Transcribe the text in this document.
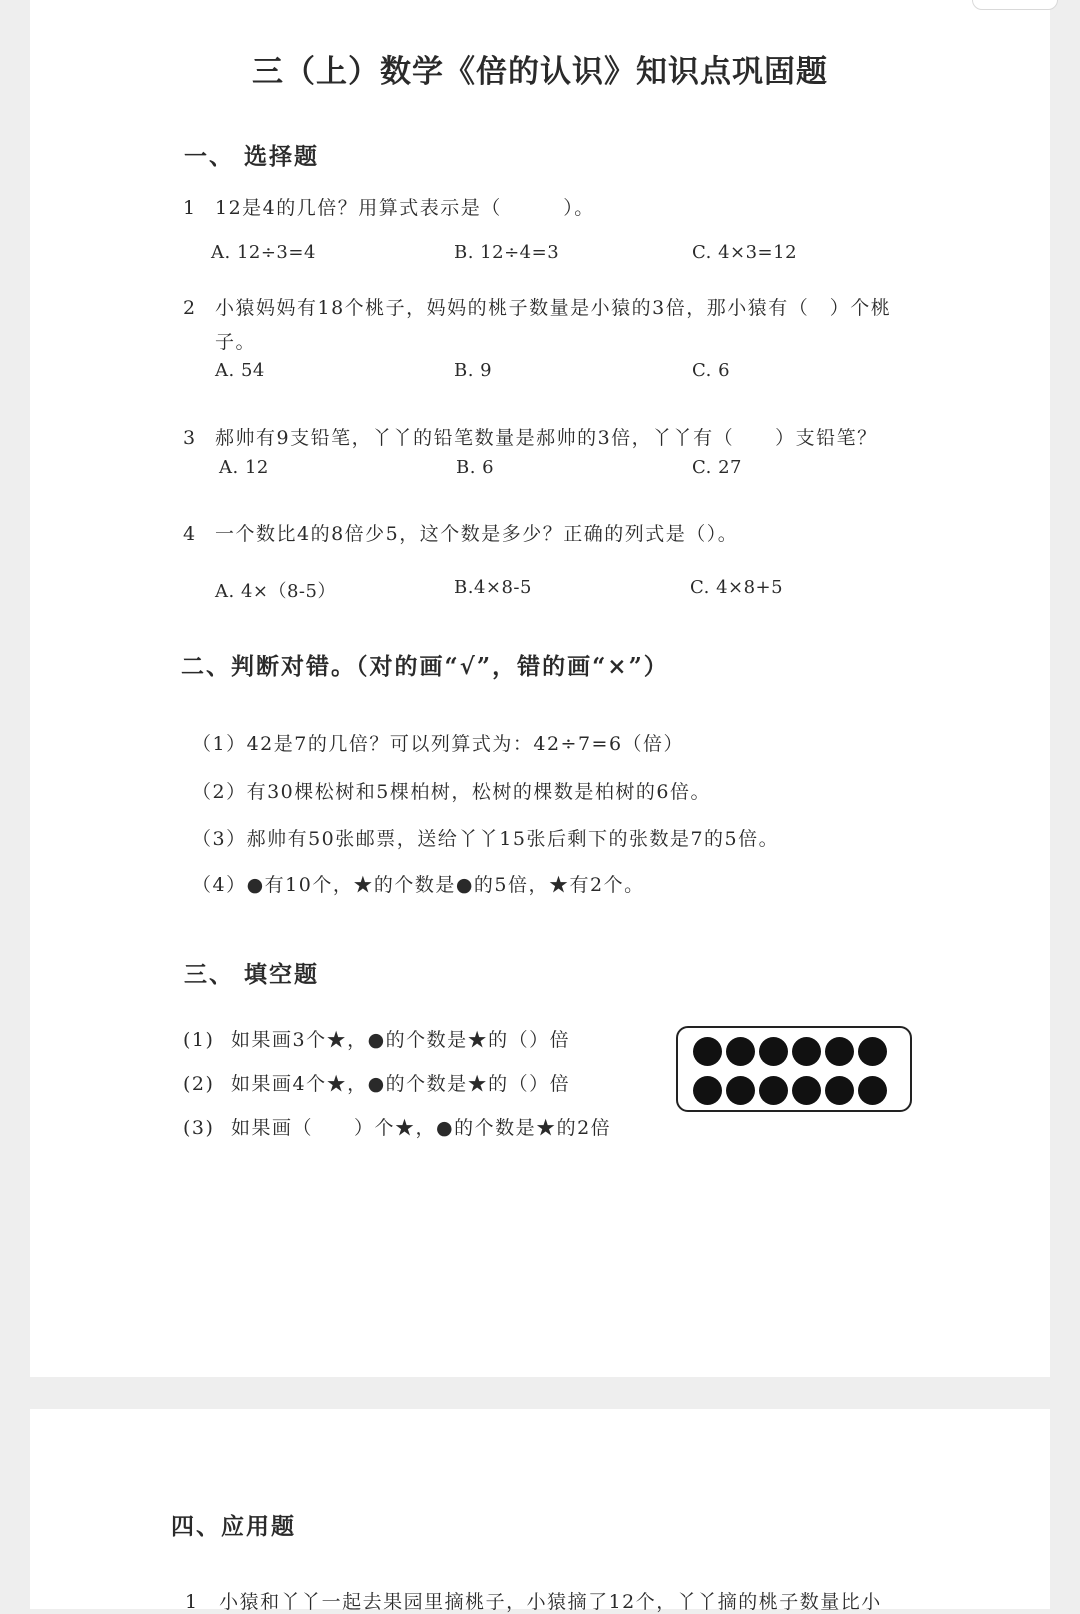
三（上）数学《倍的认识》知识点巩固题
一、 选择题
1 12是4的几倍？用算式表示是（　　　）。
A. 12÷3=4	B. 12÷4=3	C. 4×3=12
2 小猿妈妈有18个桃子，妈妈的桃子数量是小猿的3倍，那小猿有（　）个桃
子。
A. 54	B. 9	C. 6
3 郝帅有9支铅笔，丫丫的铅笔数量是郝帅的3倍，丫丫有（　　）支铅笔？
A. 12	B. 6	C. 27
4 一个数比4的8倍少5，这个数是多少？正确的列式是（）。
A. 4×（8-5）	B.4×8-5	C. 4×8+5
二、判断对错。（对的画“√”，错的画“×”）
（1）42是7的几倍？可以列算式为：42÷7=6（倍）
（2）有30棵松树和5棵柏树，松树的棵数是柏树的6倍。
（3）郝帅有50张邮票，送给丫丫15张后剩下的张数是7的5倍。
（4）●有10个，★的个数是●的5倍，★有2个。
三、 填空题
(1) 如果画3个★，●的个数是★的（）倍
(2) 如果画4个★，●的个数是★的（）倍
(3) 如果画（　　）个★，●的个数是★的2倍
四、应用题
1　小猿和丫丫一起去果园里摘桃子，小猿摘了12个，丫丫摘的桃子数量比小
